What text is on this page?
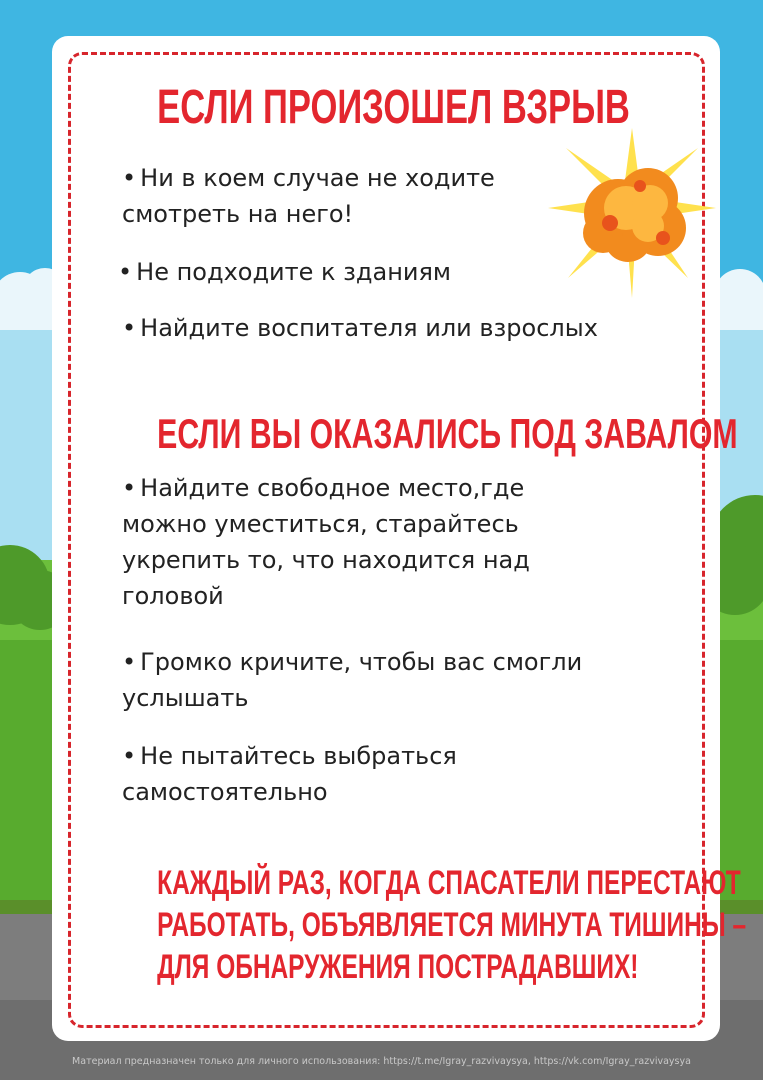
ЕСЛИ ПРОИЗОШЕЛ ВЗРЫВ
• Ни в коем случае не ходите
смотреть на него!
• Не подходите к зданиям
• Найдите воспитателя или взрослых
ЕСЛИ ВЫ ОКАЗАЛИСЬ ПОД ЗАВАЛОМ
• Найдите свободное место,где
можно уместиться, старайтесь
укрепить то, что находится над
головой
• Громко кричите, чтобы вас смогли
услышать
• Не пытайтесь выбраться
самостоятельно
КАЖДЫЙ РАЗ, КОГДА СПАСАТЕЛИ ПЕРЕСТАЮТ
РАБОТАТЬ, ОБЪЯВЛЯЕТСЯ МИНУТА ТИШИНЫ –
ДЛЯ ОБНАРУЖЕНИЯ ПОСТРАДАВШИХ!
Материал предназначен только для личного использования: https://t.me/Igray_razvivaysya, https://vk.com/Igray_razvivaysya
